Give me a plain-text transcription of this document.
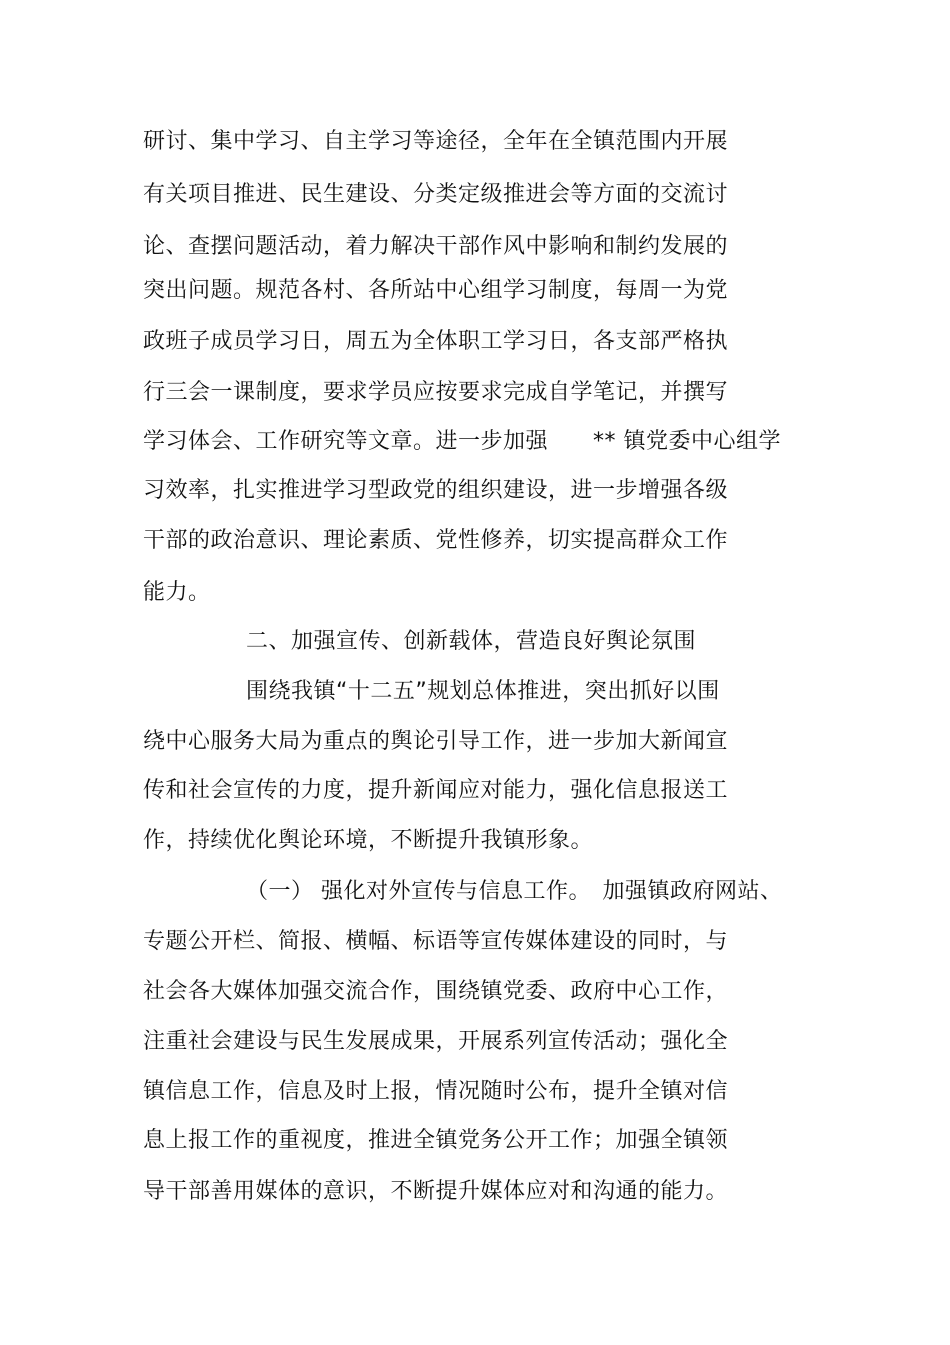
研讨、集中学习、自主学习等途径，全年在全镇范围内开展
有关项目推进、民生建设、分类定级推进会等方面的交流讨
论、查摆问题活动，着力解决干部作风中影响和制约发展的
突出问题。规范各村、各所站中心组学习制度，每周一为党
政班子成员学习日，周五为全体职工学习日，各支部严格执
行三会一课制度，要求学员应按要求完成自学笔记，并撰写
学习体会、工作研究等文章。进一步加强　　** 镇党委中心组学
习效率，扎实推进学习型政党的组织建设，进一步增强各级
干部的政治意识、理论素质、党性修养，切实提高群众工作
能力。
二、加强宣传、创新载体，营造良好舆论氛围
围绕我镇“十二五”规划总体推进，突出抓好以围
绕中心服务大局为重点的舆论引导工作，进一步加大新闻宣
传和社会宣传的力度，提升新闻应对能力，强化信息报送工
作，持续优化舆论环境，不断提升我镇形象。
（一） 强化对外宣传与信息工作。　加强镇政府网站、
专题公开栏、简报、横幅、标语等宣传媒体建设的同时，与
社会各大媒体加强交流合作，围绕镇党委、政府中心工作，
注重社会建设与民生发展成果，开展系列宣传活动；强化全
镇信息工作，信息及时上报，情况随时公布，提升全镇对信
息上报工作的重视度，推进全镇党务公开工作；加强全镇领
导干部善用媒体的意识，不断提升媒体应对和沟通的能力。
